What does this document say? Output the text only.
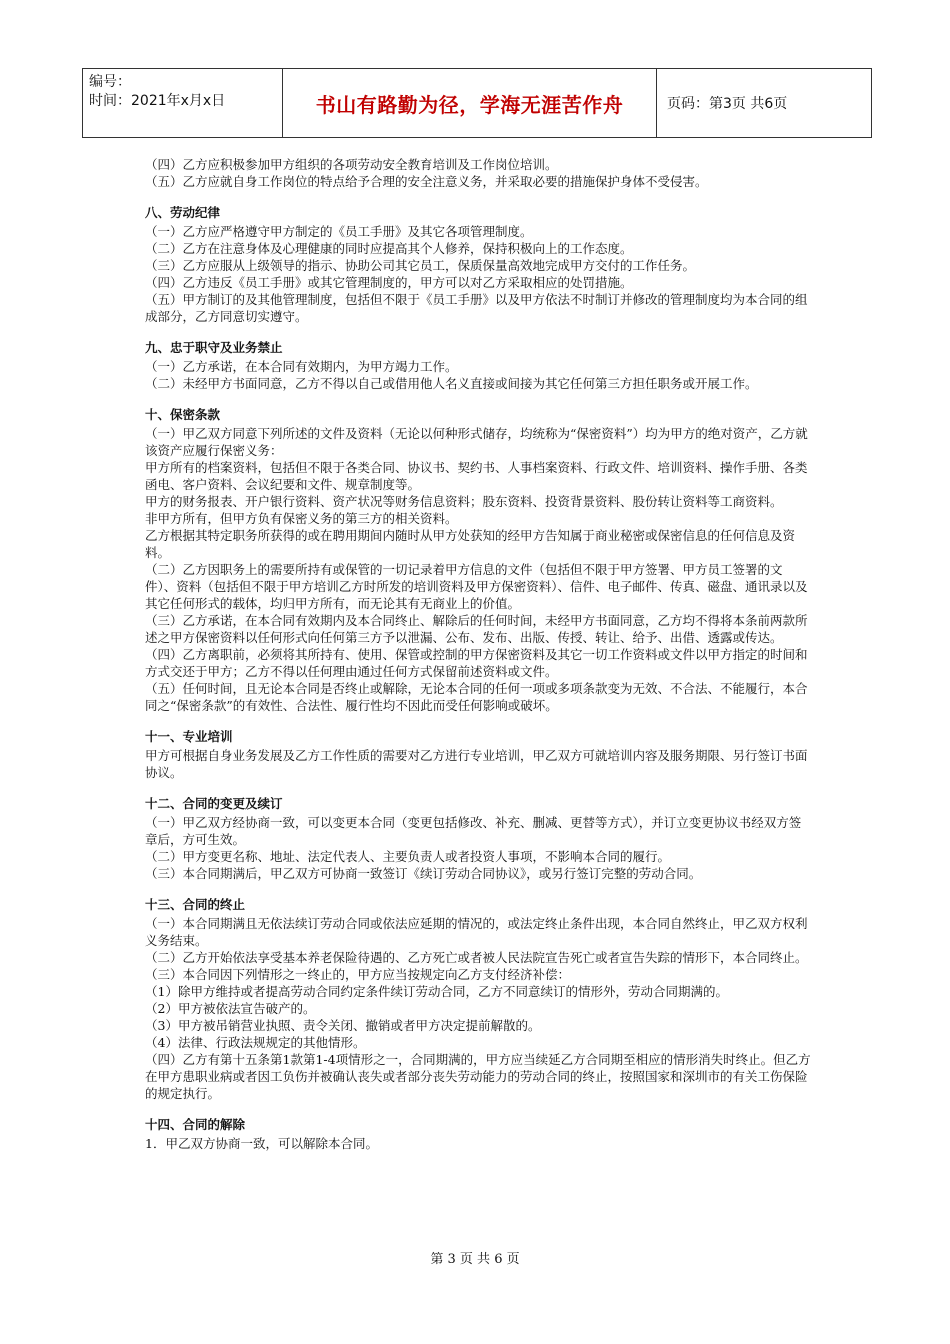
编号：
时间：2021年x月x日	书山有路勤为径，学海无涯苦作舟	页码：第3页 共6页

（四）乙方应积极参加甲方组织的各项劳动安全教育培训及工作岗位培训。

（五）乙方应就自身工作岗位的特点给予合理的安全注意义务，并采取必要的措施保护身体不受侵害。

八、劳动纪律

（一）乙方应严格遵守甲方制定的《员工手册》及其它各项管理制度。

（二）乙方在注意身体及心理健康的同时应提高其个人修养，保持积极向上的工作态度。

（三）乙方应服从上级领导的指示、协助公司其它员工，保质保量高效地完成甲方交付的工作任务。

（四）乙方违反《员工手册》或其它管理制度的，甲方可以对乙方采取相应的处罚措施。

（五）甲方制订的及其他管理制度，包括但不限于《员工手册》以及甲方依法不时制订并修改的管理制度均为本合同的组成部分，乙方同意切实遵守。

九、忠于职守及业务禁止

（一）乙方承诺，在本合同有效期内，为甲方竭力工作。

（二）未经甲方书面同意，乙方不得以自己或借用他人名义直接或间接为其它任何第三方担任职务或开展工作。

十、保密条款

（一）甲乙双方同意下列所述的文件及资料（无论以何种形式储存，均统称为“保密资料”）均为甲方的绝对资产，乙方就该资产应履行保密义务：

甲方所有的档案资料，包括但不限于各类合同、协议书、契约书、人事档案资料、行政文件、培训资料、操作手册、各类函电、客户资料、会议纪要和文件、规章制度等。

甲方的财务报表、开户银行资料、资产状况等财务信息资料；股东资料、投资背景资料、股份转让资料等工商资料。

非甲方所有，但甲方负有保密义务的第三方的相关资料。

乙方根据其特定职务所获得的或在聘用期间内随时从甲方处获知的经甲方告知属于商业秘密或保密信息的任何信息及资料。

（二）乙方因职务上的需要所持有或保管的一切记录着甲方信息的文件（包括但不限于甲方签署、甲方员工签署的文件）、资料（包括但不限于甲方培训乙方时所发的培训资料及甲方保密资料）、信件、电子邮件、传真、磁盘、通讯录以及其它任何形式的载体，均归甲方所有，而无论其有无商业上的价值。

（三）乙方承诺，在本合同有效期内及本合同终止、解除后的任何时间，未经甲方书面同意，乙方均不得将本条前两款所述之甲方保密资料以任何形式向任何第三方予以泄漏、公布、发布、出版、传授、转让、给予、出借、透露或传达。

（四）乙方离职前，必须将其所持有、使用、保管或控制的甲方保密资料及其它一切工作资料或文件以甲方指定的时间和方式交还于甲方；乙方不得以任何理由通过任何方式保留前述资料或文件。

（五）任何时间，且无论本合同是否终止或解除，无论本合同的任何一项或多项条款变为无效、不合法、不能履行，本合同之“保密条款”的有效性、合法性、履行性均不因此而受任何影响或破坏。

十一、专业培训

甲方可根据自身业务发展及乙方工作性质的需要对乙方进行专业培训，甲乙双方可就培训内容及服务期限、另行签订书面协议。

十二、合同的变更及续订

（一）甲乙双方经协商一致，可以变更本合同（变更包括修改、补充、删减、更替等方式），并订立变更协议书经双方签章后，方可生效。

（二）甲方变更名称、地址、法定代表人、主要负责人或者投资人事项，不影响本合同的履行。

（三）本合同期满后，甲乙双方可协商一致签订《续订劳动合同协议》，或另行签订完整的劳动合同。

十三、合同的终止

（一）本合同期满且无依法续订劳动合同或依法应延期的情况的，或法定终止条件出现，本合同自然终止，甲乙双方权利义务结束。

（二）乙方开始依法享受基本养老保险待遇的、乙方死亡或者被人民法院宣告死亡或者宣告失踪的情形下，本合同终止。

（三）本合同因下列情形之一终止的，甲方应当按规定向乙方支付经济补偿：

（1）除甲方维持或者提高劳动合同约定条件续订劳动合同，乙方不同意续订的情形外，劳动合同期满的。

（2）甲方被依法宣告破产的。

（3）甲方被吊销营业执照、责令关闭、撤销或者甲方决定提前解散的。

（4）法律、行政法规规定的其他情形。

（四）乙方有第十五条第1款第1-4项情形之一，合同期满的，甲方应当续延乙方合同期至相应的情形消失时终止。但乙方在甲方患职业病或者因工负伤并被确认丧失或者部分丧失劳动能力的劳动合同的终止，按照国家和深圳市的有关工伤保险的规定执行。

十四、合同的解除

1．甲乙双方协商一致，可以解除本合同。

第 3 页 共 6 页
